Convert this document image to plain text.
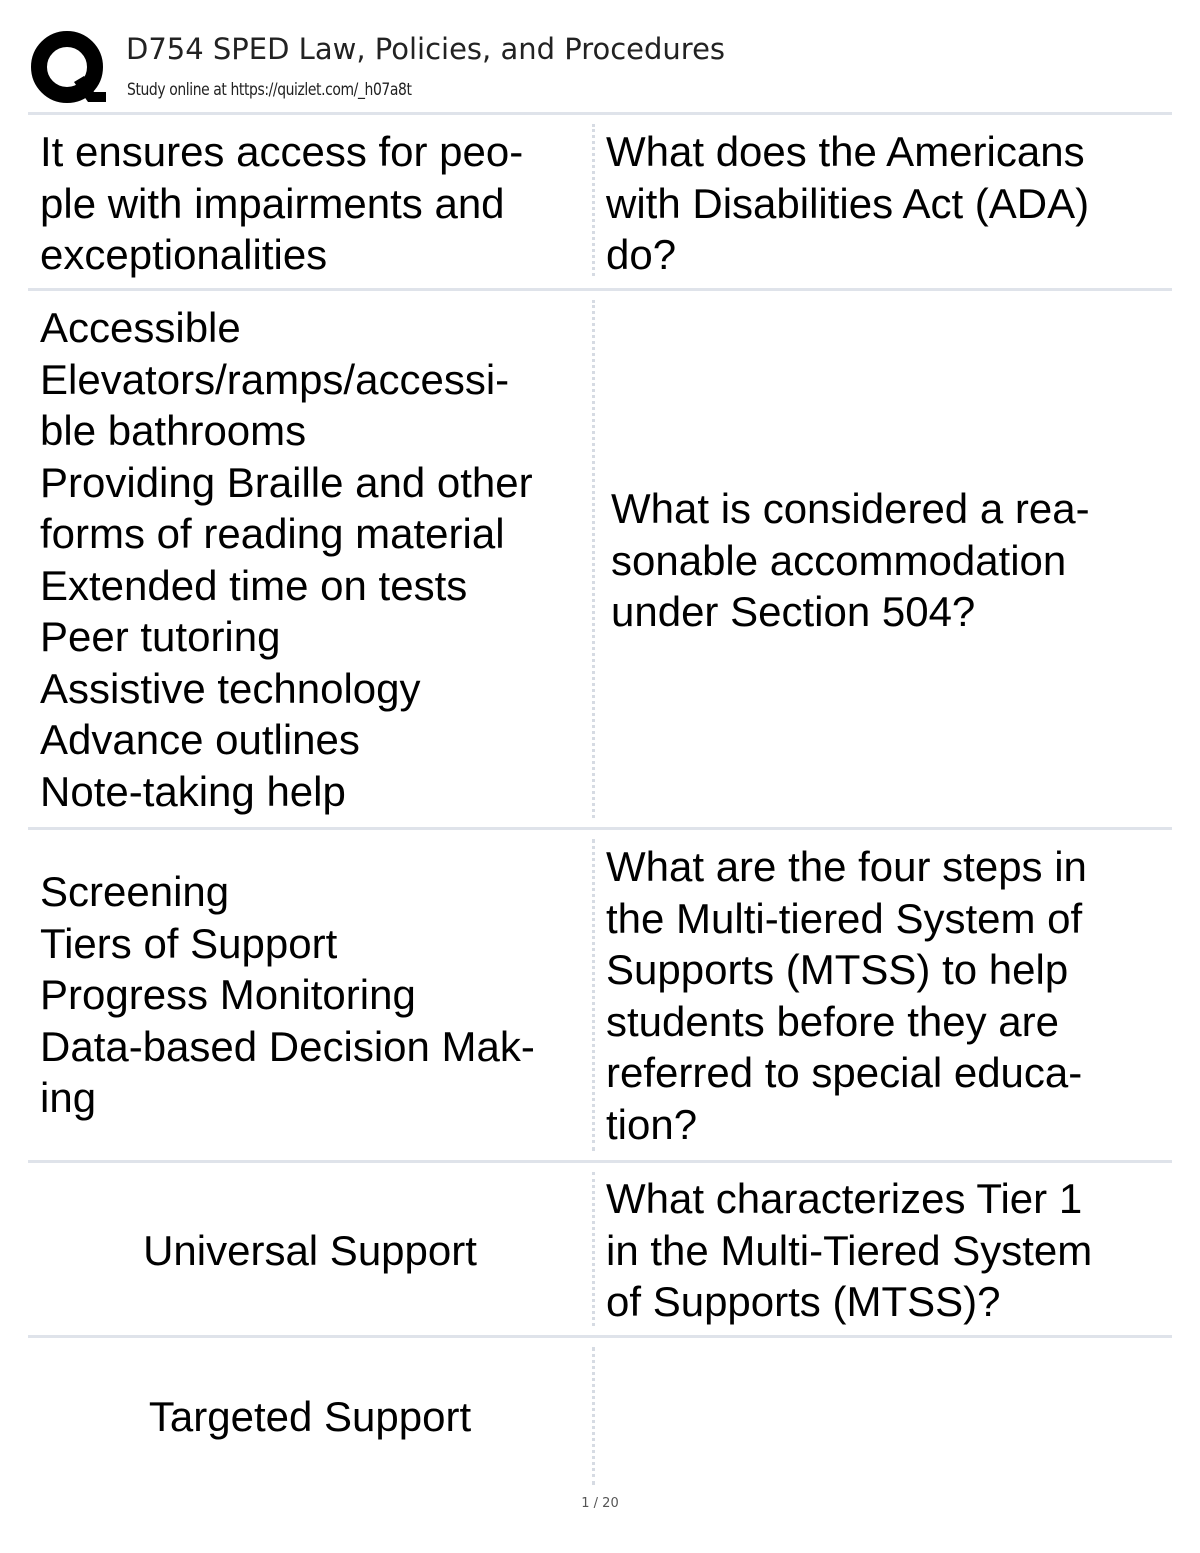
D754 SPED Law, Policies, and Procedures
Study online at https://quizlet.com/_h07a8t
It ensures access for peo-
ple with impairments and
exceptionalities
What does the Americans
with Disabilities Act (ADA)
do?
Accessible
Elevators/ramps/accessi-
ble bathrooms
Providing Braille and other
forms of reading material
Extended time on tests
Peer tutoring
Assistive technology
Advance outlines
Note-taking help
What is considered a rea-
sonable accommodation
under Section 504?
Screening
Tiers of Support
Progress Monitoring
Data-based Decision Mak-
ing
What are the four steps in
the Multi-tiered System of
Supports (MTSS) to help
students before they are
referred to special educa-
tion?
Universal Support
What characterizes Tier 1
in the Multi-Tiered System
of Supports (MTSS)?
Targeted Support
1 / 20
